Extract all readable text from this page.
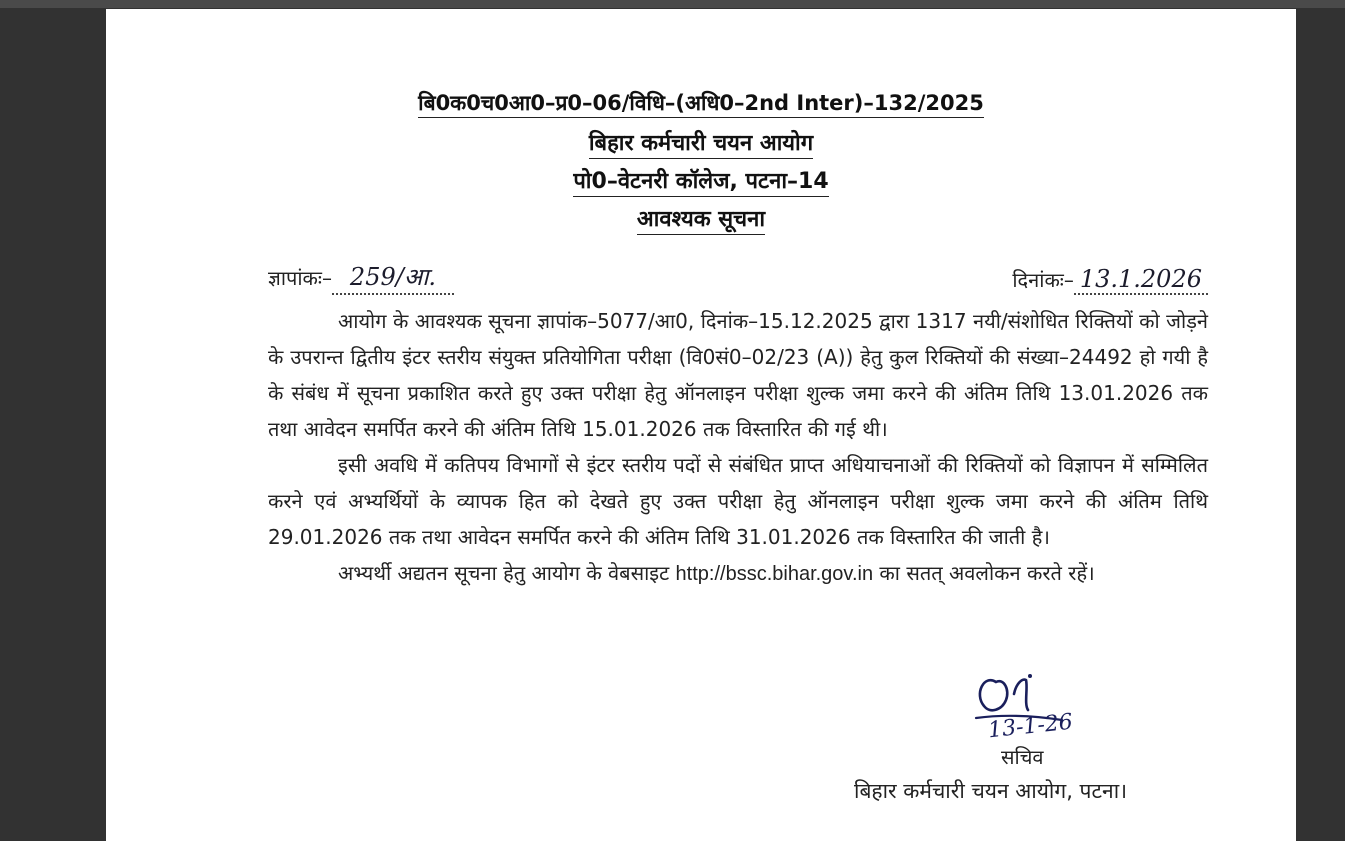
बि0क0च0आ0–प्र0–06/विधि–(अधि0–2nd Inter)–132/2025
बिहार कर्मचारी चयन आयोग
पो0–वेटनरी कॉलेज, पटना–14
आवश्यक सूचना
ज्ञापांकः– 259/आ.	दिनांकः– 13.1.2026

आयोग के आवश्यक सूचना ज्ञापांक–5077/आ0, दिनांक–15.12.2025 द्वारा 1317 नयी/संशोधित रिक्तियों को जोड़ने के उपरान्त द्वितीय इंटर स्तरीय संयुक्त प्रतियोगिता परीक्षा (वि0सं0–02/23 (A)) हेतु कुल रिक्तियों की संख्या–24492 हो गयी है के संबंध में सूचना प्रकाशित करते हुए उक्त परीक्षा हेतु ऑनलाइन परीक्षा शुल्क जमा करने की अंतिम तिथि 13.01.2026 तक तथा आवेदन समर्पित करने की अंतिम तिथि 15.01.2026 तक विस्तारित की गई थी।

इसी अवधि में कतिपय विभागों से इंटर स्तरीय पदों से संबंधित प्राप्त अधियाचनाओं की रिक्तियों को विज्ञापन में सम्मिलित करने एवं अभ्यर्थियों के व्यापक हित को देखते हुए उक्त परीक्षा हेतु ऑनलाइन परीक्षा शुल्क जमा करने की अंतिम तिथि 29.01.2026 तक तथा आवेदन समर्पित करने की अंतिम तिथि 31.01.2026 तक विस्तारित की जाती है।

अभ्यर्थी अद्यतन सूचना हेतु आयोग के वेबसाइट http://bssc.bihar.gov.in का सतत् अवलोकन करते रहें।

13-1-26
सचिव
बिहार कर्मचारी चयन आयोग, पटना।
